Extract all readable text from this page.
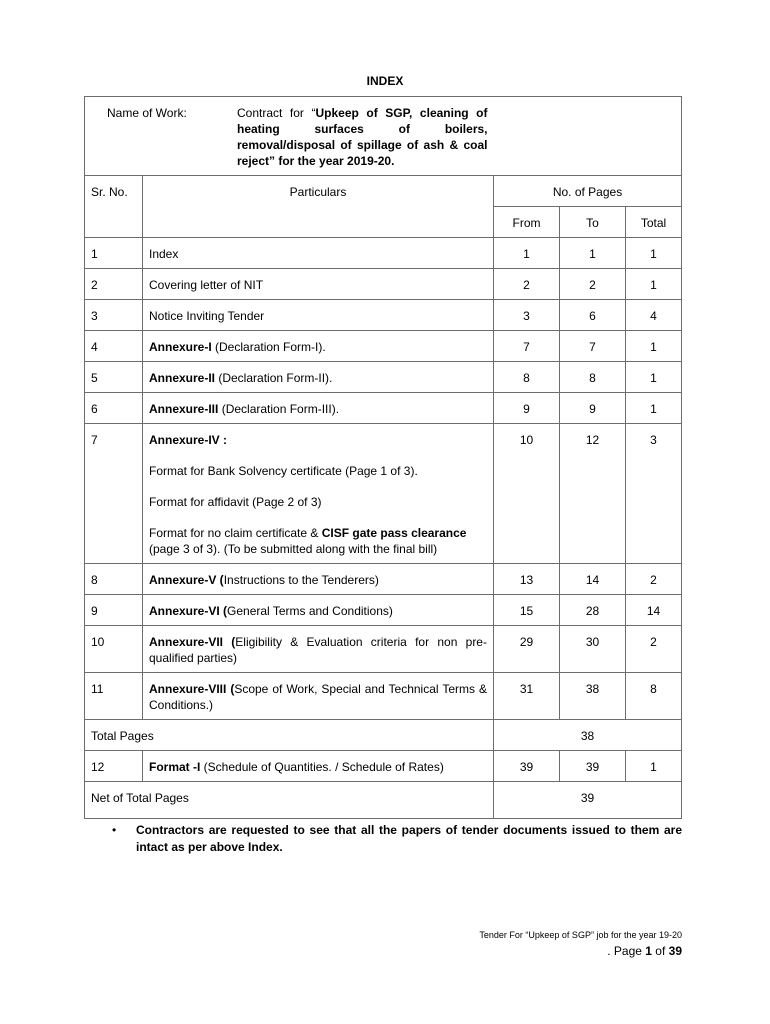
INDEX
Name of Work: Contract for “Upkeep of SGP, cleaning of heating surfaces of boilers, removal/disposal of spillage of ash & coal reject” for the year 2019-20.				

Sr. No.	Particulars	No. of Pages		
		From	To	Total
1	Index	1	1	1
2	Covering letter of NIT	2	2	1
3	Notice Inviting Tender	3	6	4
4	Annexure-I (Declaration Form-I).	7	7	1
5	Annexure-II (Declaration Form-II).	8	8	1
6	Annexure-III (Declaration Form-III).	9	9	1
7	Annexure-IV :
Format for Bank Solvency certificate (Page 1 of 3).
Format for affidavit (Page 2 of 3)
Format for no claim certificate & CISF gate pass clearance (page 3 of 3). (To be submitted along with the final bill)	10	12	3
8	Annexure-V (Instructions to the Tenderers)	13	14	2
9	Annexure-VI (General Terms and Conditions)	15	28	14
10	Annexure-VII (Eligibility & Evaluation criteria for non pre-qualified parties)	29	30	2
11	Annexure-VIII (Scope of Work, Special and Technical Terms & Conditions.)	31	38	8
Total Pages		38		
12	Format -I (Schedule of Quantities. / Schedule of Rates)	39	39	1
Net of Total Pages		39		
• Contractors are requested to see that all the papers of tender documents issued to them are intact as per above Index.
Tender For “Upkeep of SGP” job for the year 19-20
. Page 1 of 39
